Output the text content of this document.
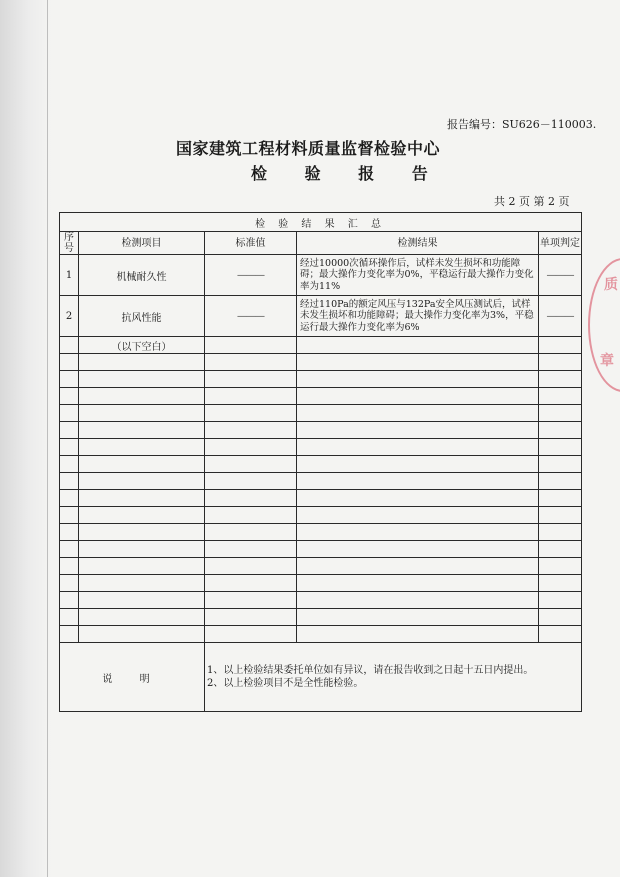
报告编号：SU626－110003.
国家建筑工程材料质量监督检验中心
检 验 报 告
共 2 页 第 2 页
检 验 结 果 汇 总				
序号	检测项目	标准值	检测结果	单项判定
1	机械耐久性	———	经过10000次循环操作后，试样未发生损坏和功能障碍；最大操作力变化率为0%，平稳运行最大操作力变化率为11%	———
2	抗风性能	———	经过110Pa的额定风压与132Pa安全风压测试后，试样未发生损坏和功能障碍；最大操作力变化率为3%，平稳运行最大操作力变化率为6%	———
	（以下空白）			

说 明		1、以上检验结果委托单位如有异议，请在报告收到之日起十五日内提出。
2、以上检验项目不是全性能检验。		
质
章
